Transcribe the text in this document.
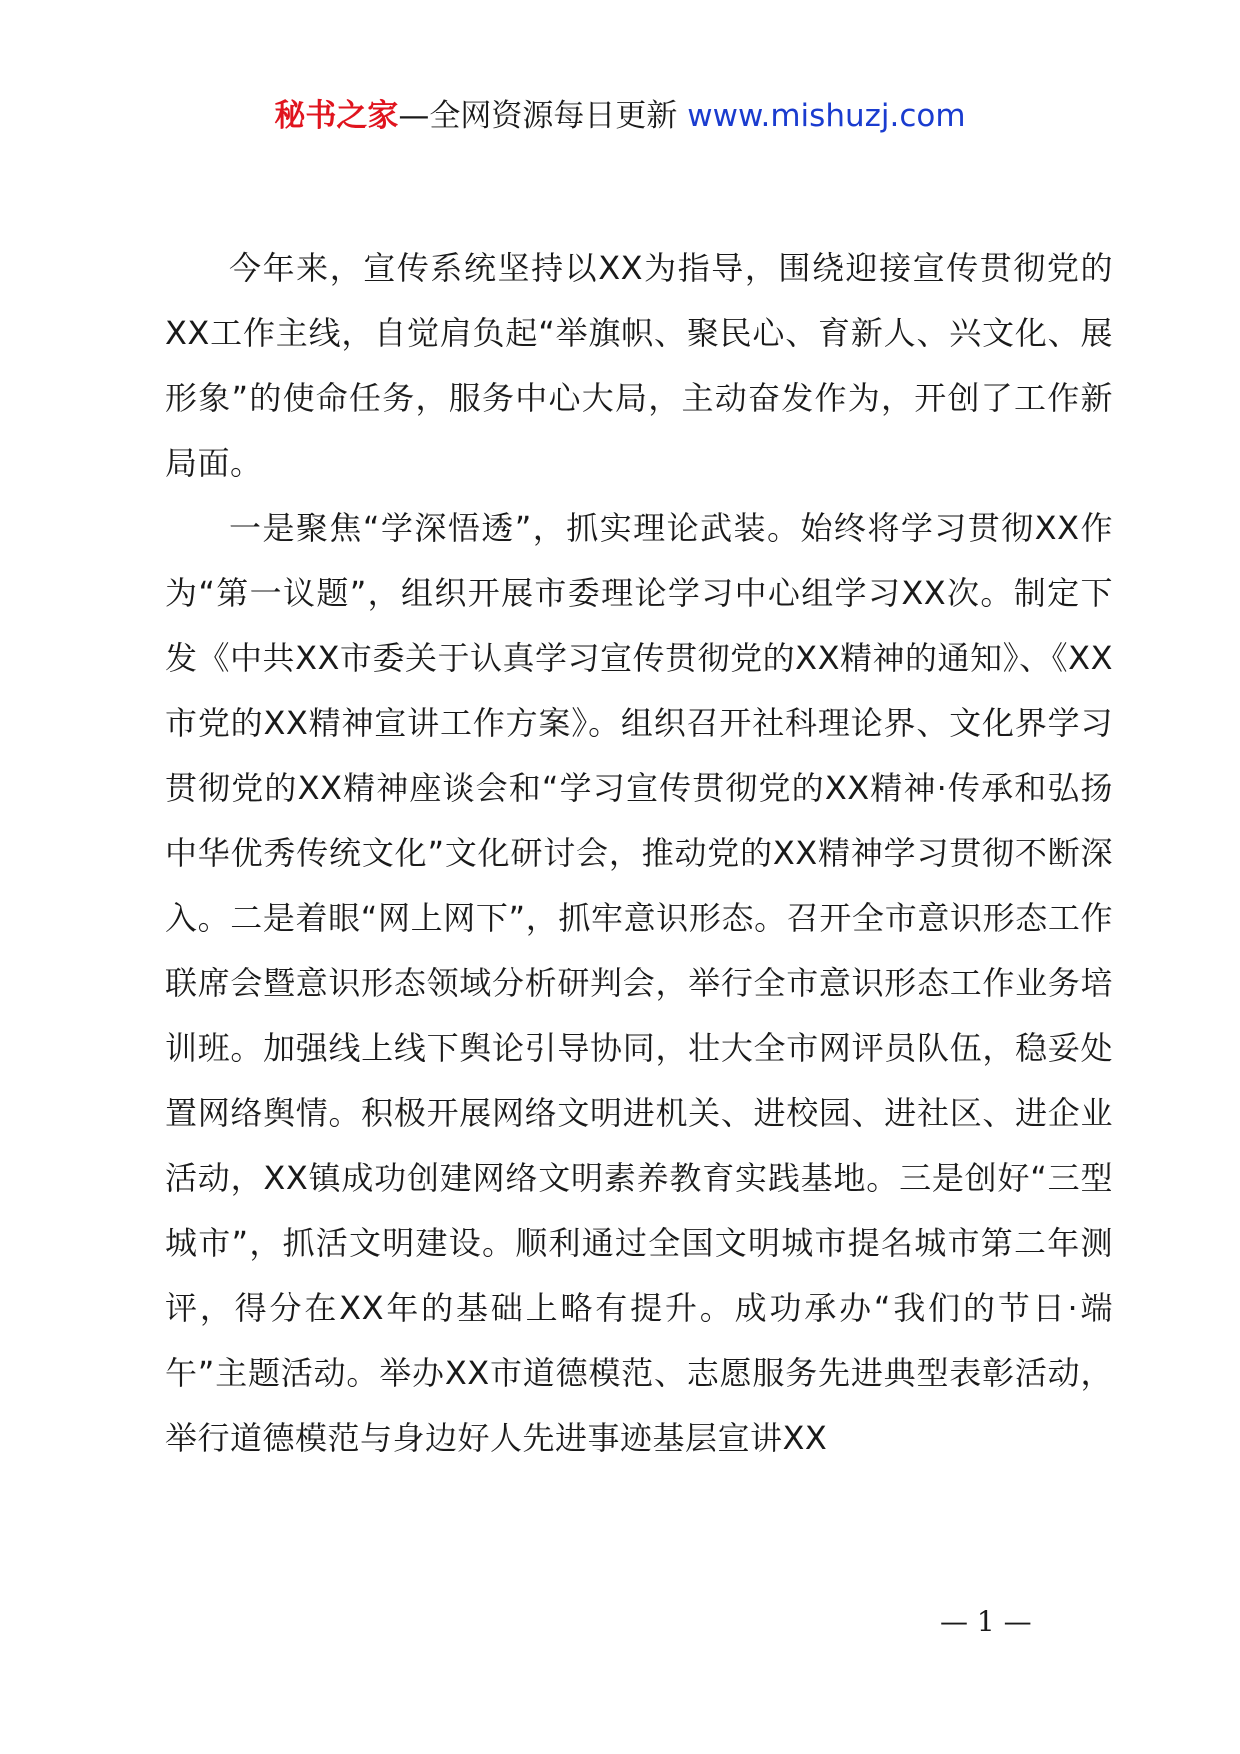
秘书之家—全网资源每日更新 www.mishuzj.com

今年来，宣传系统坚持以XX为指导，围绕迎接宣传贯彻党的XX工作主线，自觉肩负起“举旗帜、聚民心、育新人、兴文化、展形象”的使命任务，服务中心大局，主动奋发作为，开创了工作新局面。

一是聚焦“学深悟透”，抓实理论武装。始终将学习贯彻XX作为“第一议题”，组织开展市委理论学习中心组学习XX次。制定下发《中共XX市委关于认真学习宣传贯彻党的XX精神的通知》、《XX市党的XX精神宣讲工作方案》。组织召开社科理论界、文化界学习贯彻党的XX精神座谈会和“学习宣传贯彻党的XX精神·传承和弘扬中华优秀传统文化”文化研讨会，推动党的XX精神学习贯彻不断深入。二是着眼“网上网下”，抓牢意识形态。召开全市意识形态工作联席会暨意识形态领域分析研判会，举行全市意识形态工作业务培训班。加强线上线下舆论引导协同，壮大全市网评员队伍，稳妥处置网络舆情。积极开展网络文明进机关、进校园、进社区、进企业活动，XX镇成功创建网络文明素养教育实践基地。三是创好“三型城市”，抓活文明建设。顺利通过全国文明城市提名城市第二年测评，得分在XX年的基础上略有提升。成功承办“我们的节日·端午”主题活动。举办XX市道德模范、志愿服务先进典型表彰活动，举行道德模范与身边好人先进事迹基层宣讲XX

— 1 —
